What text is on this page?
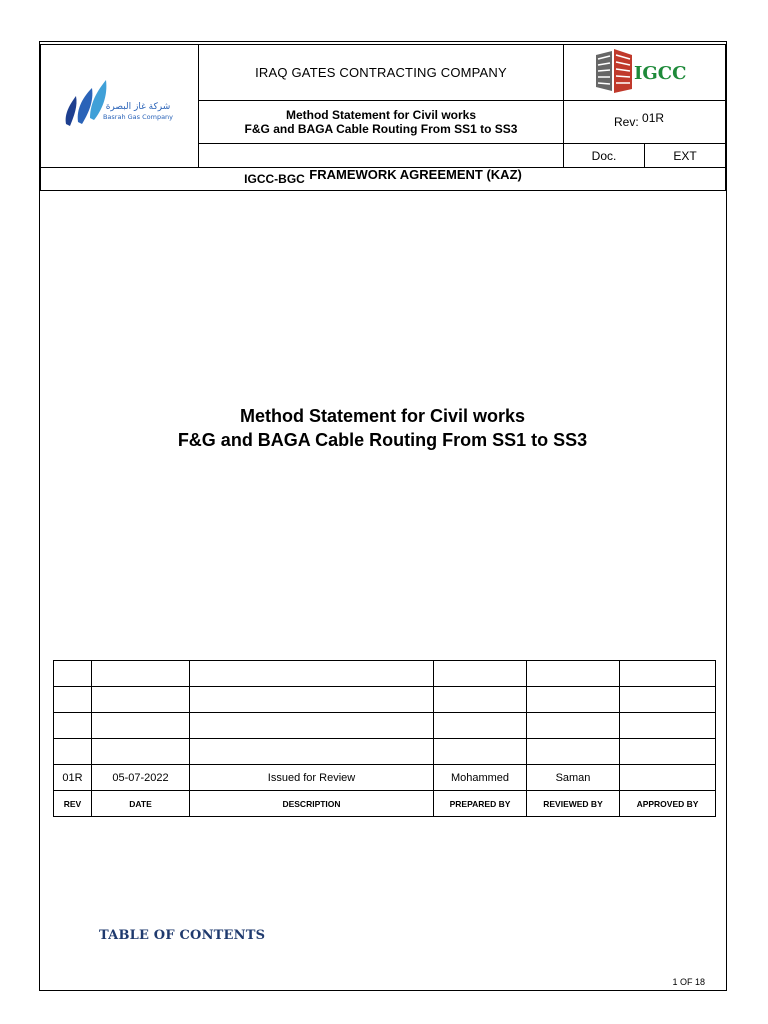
شركة غاز البصرة
Basrah Gas Company	IRAQ GATES CONTRACTING COMPANY	IGCC	

	Method Statement for Civil works
F&G and BAGA Cable Routing From SS1 to SS3	Rev: 01R	
		Doc.	EXT
IGCC-BGC $^{FRAMEWORK AGREEMENT (KAZ)}$
Method Statement for Civil works
F&G and BAGA Cable Routing From SS1 to SS3

01R	05-07-2022	Issued for Review	Mohammed	Saman	
REV	DATE	DESCRIPTION	PREPARED BY	REVIEWED BY	APPROVED BY
TABLE OF CONTENTS
1 OF 18
